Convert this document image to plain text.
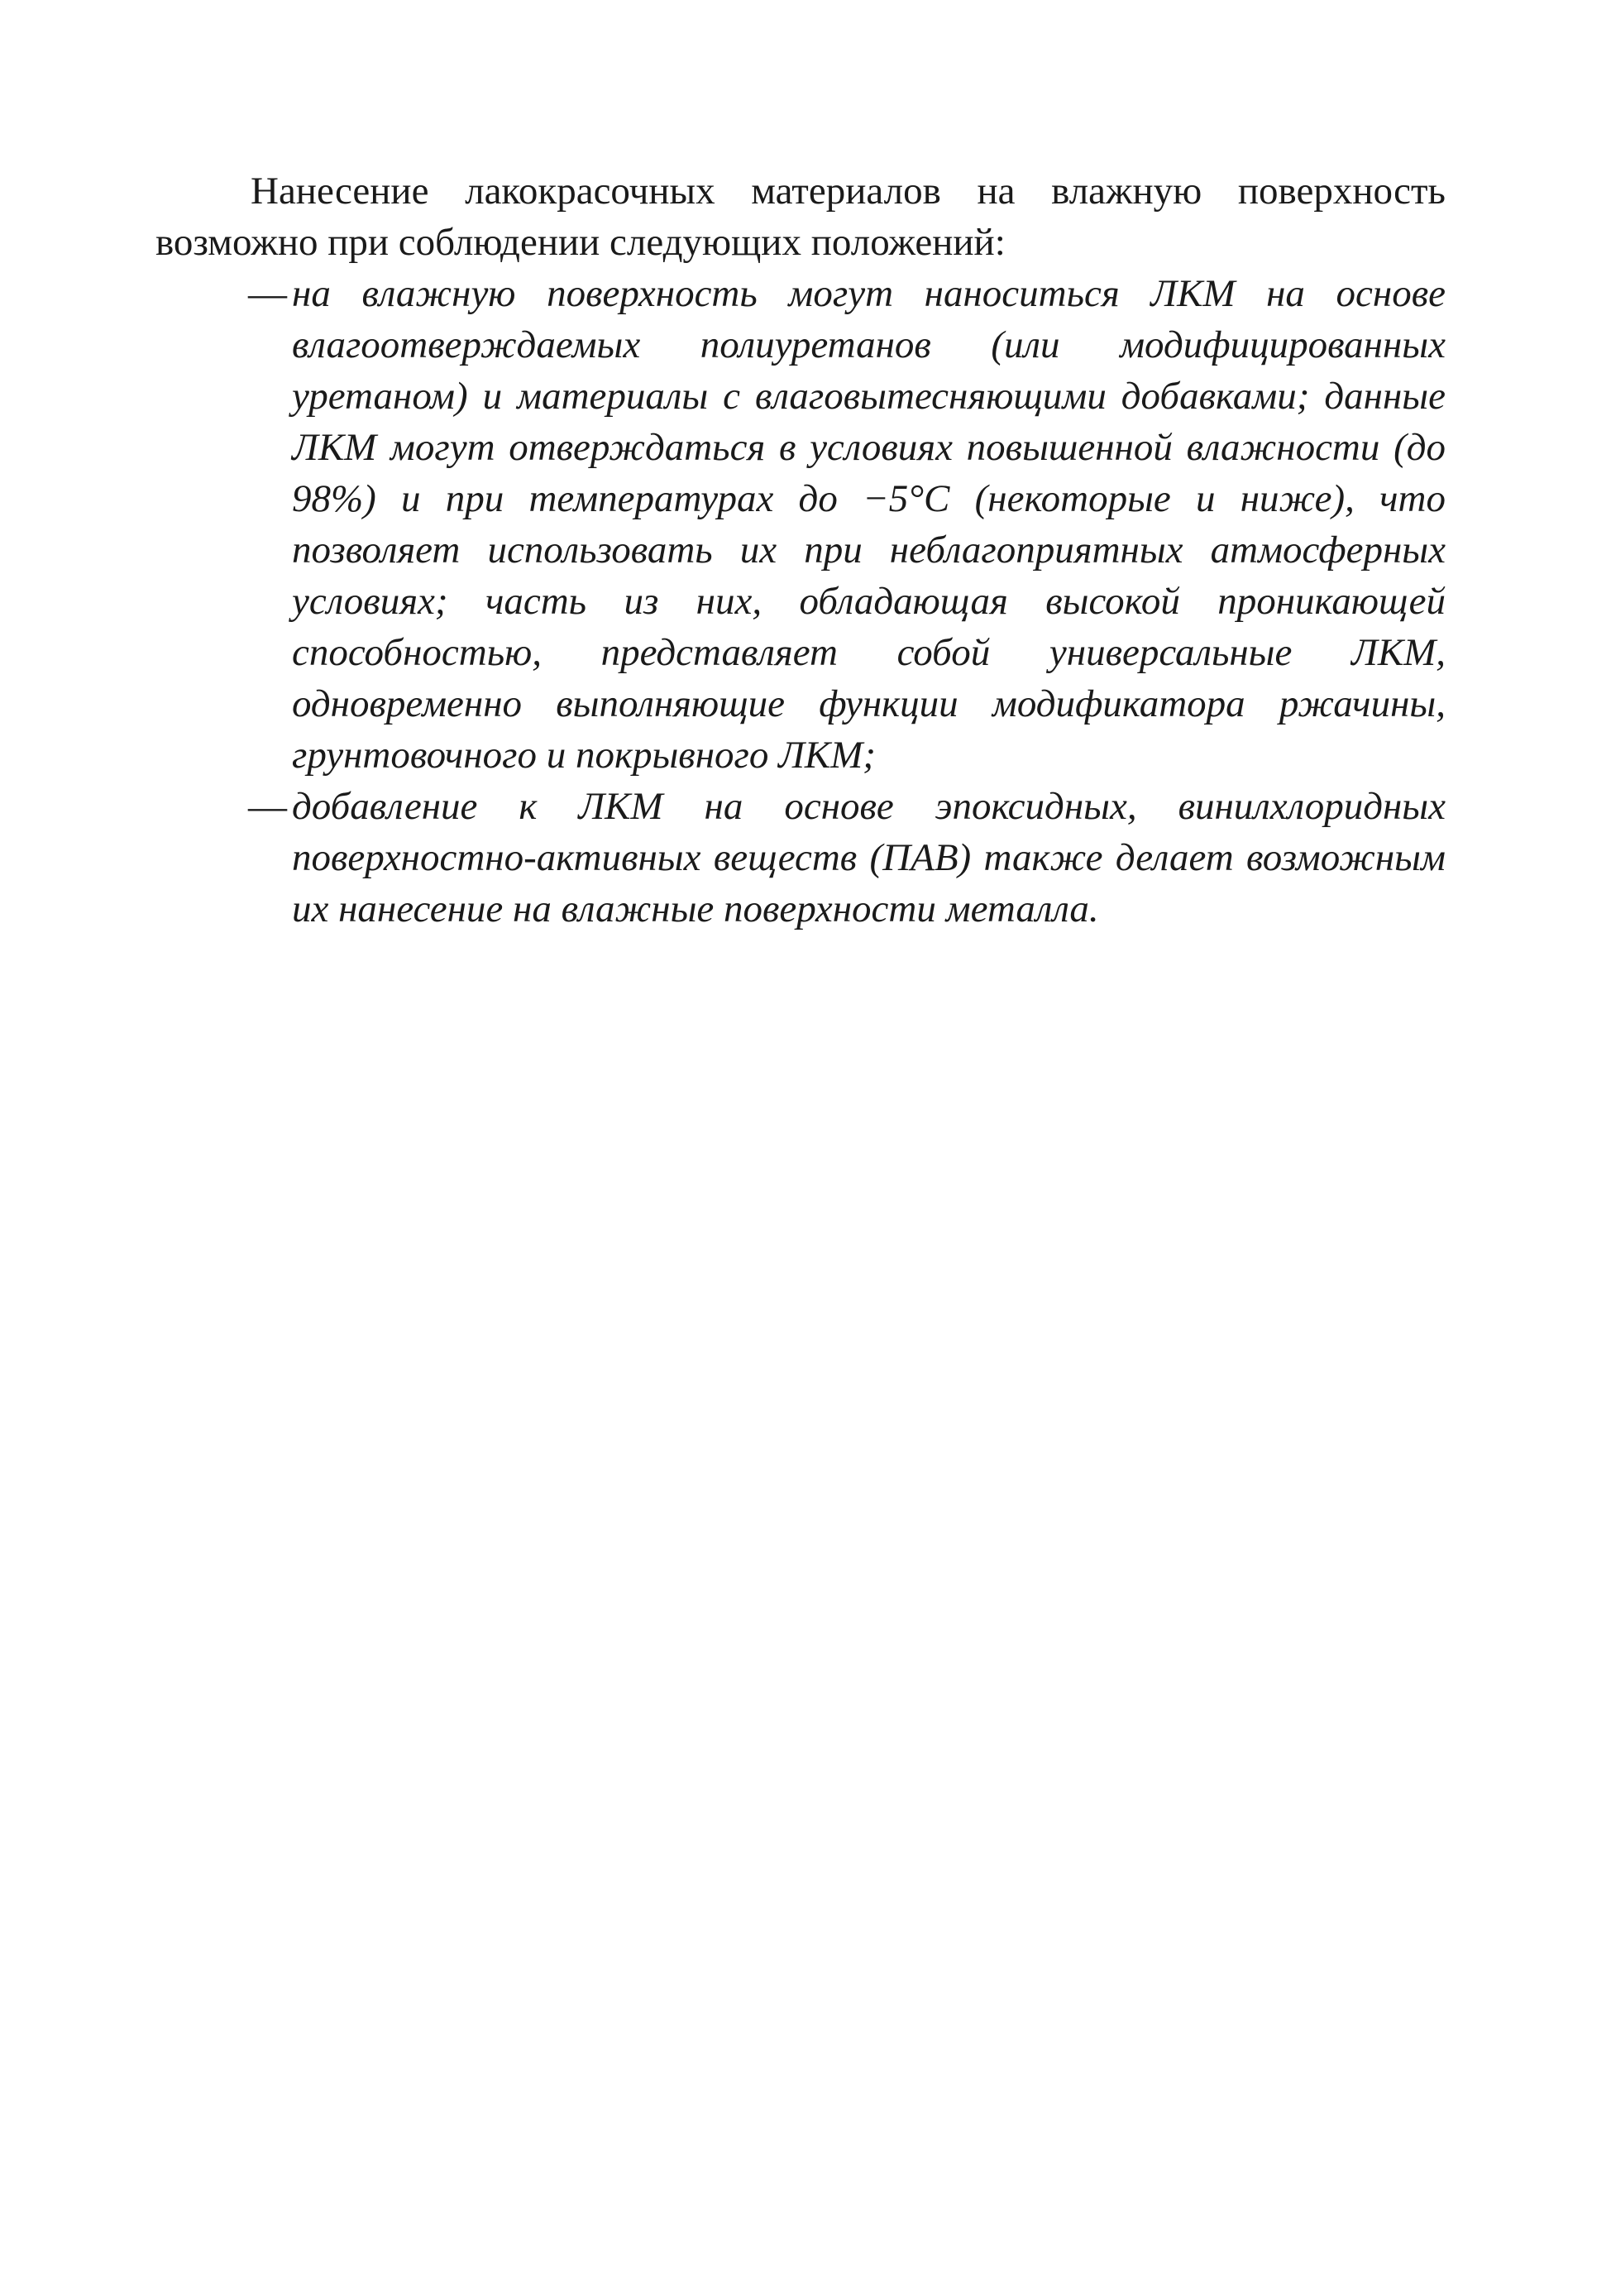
Нанесение лакокрасочных материалов на влажную поверхность возможно при соблюдении следующих положений:

— на влажную поверхность могут наноситься ЛКМ на основе влагоотверждаемых полиуретанов (или модифицированных уретаном) и материалы с влаговытесняющими добавками; данные ЛКМ могут отверждаться в условиях повышенной влажности (до 98%) и при температурах до −5°C (некоторые и ниже), что позволяет использовать их при неблагоприятных атмосферных условиях; часть из них, обладающая высокой проникающей способностью, представляет собой универсальные ЛКМ, одновременно выполняющие функции модификатора ржачины, грунтовочного и покрывного ЛКМ;
— добавление к ЛКМ на основе эпоксидных, винилхлоридных поверхностно-активных веществ (ПАВ) также делает возможным их нанесение на влажные поверхности металла.
